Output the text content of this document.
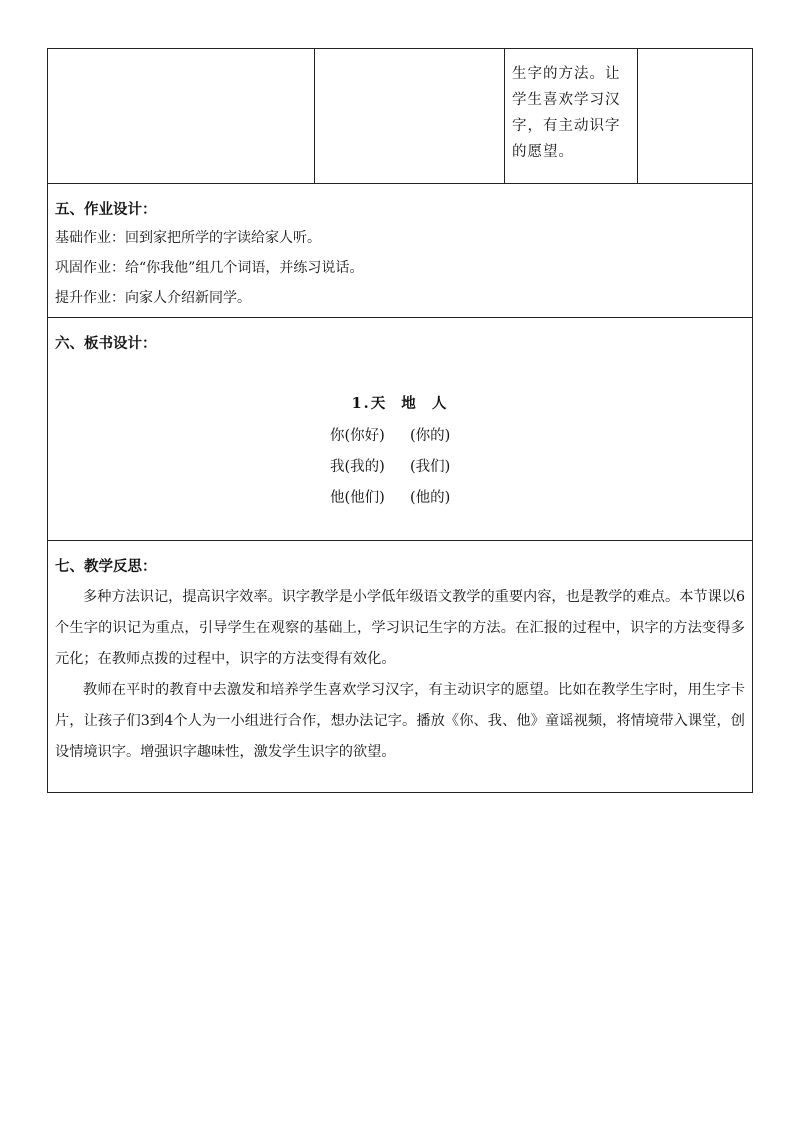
生字的方法。让
学生喜欢学习汉
字，有主动识字
的愿望。
五、作业设计：
基础作业：回到家把所学的字读给家人听。
巩固作业：给“你我他”组几个词语，并练习说话。
提升作业：向家人介绍新同学。
六、板书设计：
1.天  地  人
你(你好) (你的)
我(我的) (我们)
他(他们) (他的)
七、教学反思：

多种方法识记，提高识字效率。识字教学是小学低年级语文教学的重要内容，也是教学的难点。本节课以6个生字的识记为重点，引导学生在观察的基础上，学习识记生字的方法。在汇报的过程中，识字的方法变得多元化；在教师点拨的过程中，识字的方法变得有效化。

教师在平时的教育中去激发和培养学生喜欢学习汉字，有主动识字的愿望。比如在教学生字时，用生字卡片，让孩子们3到4个人为一小组进行合作，想办法记字。播放《你、我、他》童谣视频，将情境带入课堂，创设情境识字。增强识字趣味性，激发学生识字的欲望。
